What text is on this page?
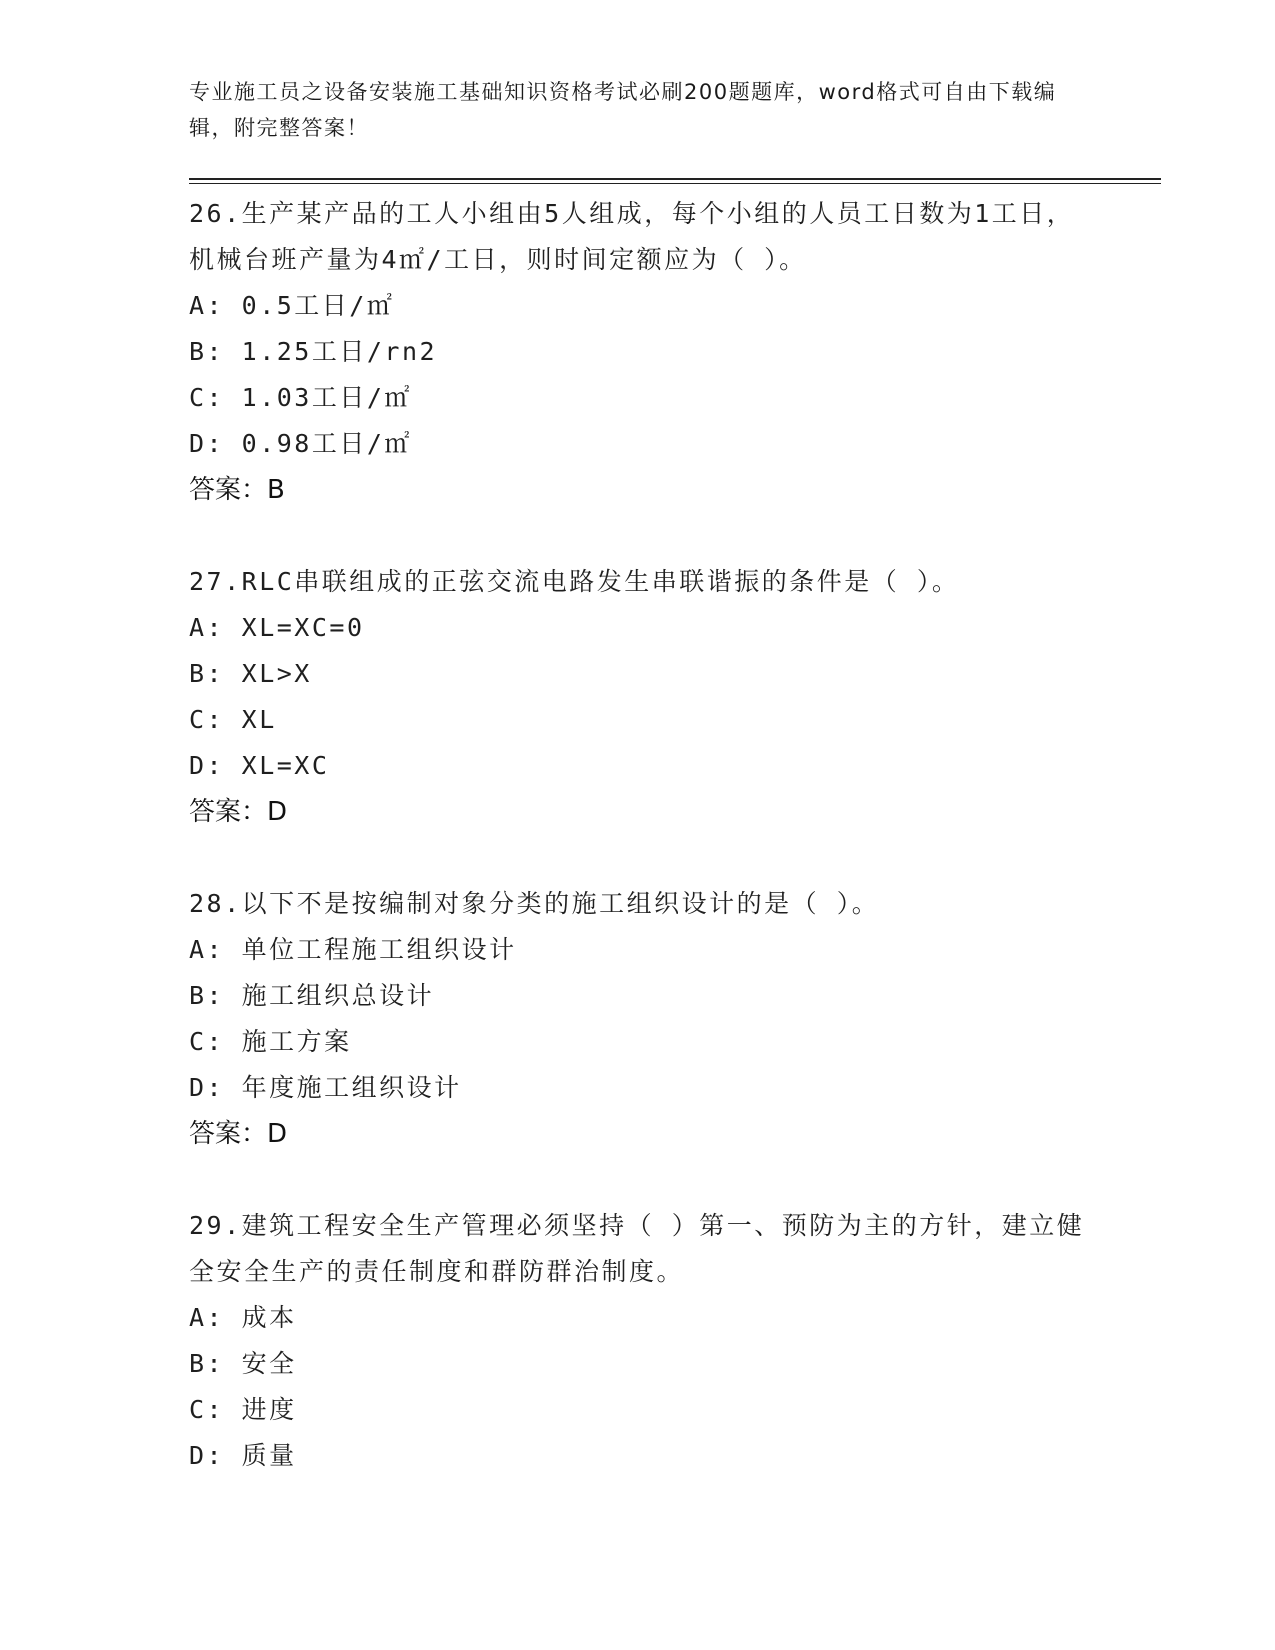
专业施工员之设备安装施工基础知识资格考试必刷200题题库，word格式可自由下载编辑，附完整答案！

26.生产某产品的工人小组由5人组成，每个小组的人员工日数为1工日，机械台班产量为4㎡/工日，则时间定额应为（ ）。

A: 0.5工日/㎡

B: 1.25工日/rn2

C: 1.03工日/㎡

D: 0.98工日/㎡

答案：B

27.RLC串联组成的正弦交流电路发生串联谐振的条件是（ ）。

A: XL=XC=0

B: XL>X

C: XL

D: XL=XC

答案：D

28.以下不是按编制对象分类的施工组织设计的是（ ）。

A: 单位工程施工组织设计

B: 施工组织总设计

C: 施工方案

D: 年度施工组织设计

答案：D

29.建筑工程安全生产管理必须坚持（ ）第一、预防为主的方针，建立健全安全生产的责任制度和群防群治制度。

A: 成本

B: 安全

C: 进度

D: 质量
